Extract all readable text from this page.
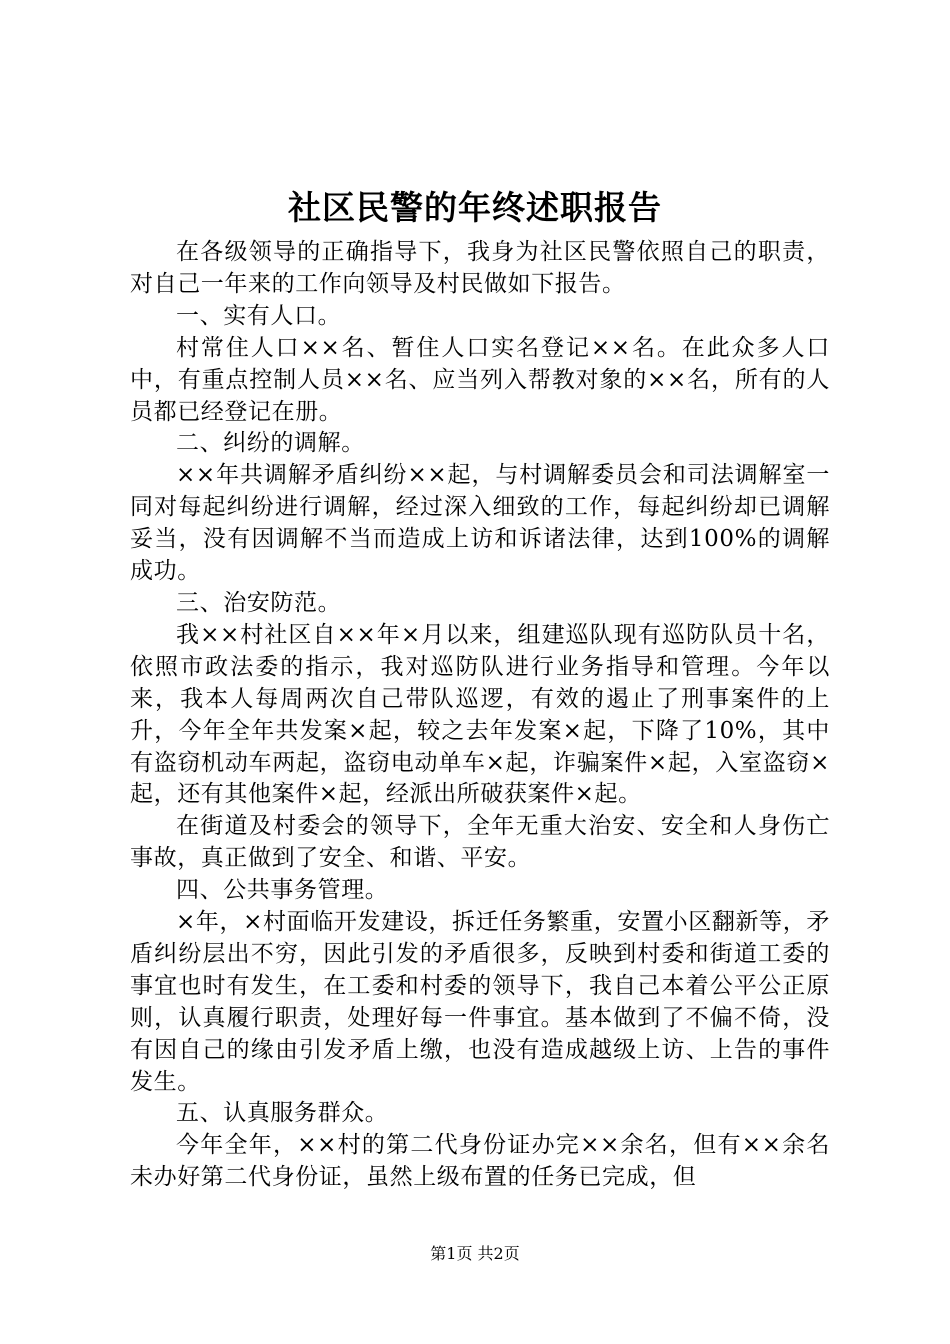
社区民警的年终述职报告

在各级领导的正确指导下，我身为社区民警依照自己的职责，对自己一年来的工作向领导及村民做如下报告。

一、实有人口。

村常住人口××名、暂住人口实名登记××名。在此众多人口中，有重点控制人员××名、应当列入帮教对象的××名，所有的人员都已经登记在册。

二、纠纷的调解。

××年共调解矛盾纠纷××起，与村调解委员会和司法调解室一同对每起纠纷进行调解，经过深入细致的工作，每起纠纷却已调解妥当，没有因调解不当而造成上访和诉诸法律，达到100%的调解成功。

三、治安防范。

我××村社区自××年×月以来，组建巡队现有巡防队员十名，依照市政法委的指示，我对巡防队进行业务指导和管理。今年以来，我本人每周两次自己带队巡逻，有效的遏止了刑事案件的上升，今年全年共发案×起，较之去年发案×起，下降了10%，其中有盗窃机动车两起，盗窃电动单车×起，诈骗案件×起，入室盗窃×起，还有其他案件×起，经派出所破获案件×起。

在街道及村委会的领导下，全年无重大治安、安全和人身伤亡事故，真正做到了安全、和谐、平安。

四、公共事务管理。

×年，×村面临开发建设，拆迁任务繁重，安置小区翻新等，矛盾纠纷层出不穷，因此引发的矛盾很多，反映到村委和街道工委的事宜也时有发生，在工委和村委的领导下，我自己本着公平公正原则，认真履行职责，处理好每一件事宜。基本做到了不偏不倚，没有因自己的缘由引发矛盾上缴，也没有造成越级上访、上告的事件发生。

五、认真服务群众。

今年全年，××村的第二代身份证办完××余名，但有××余名未办好第二代身份证，虽然上级布置的任务已完成，但

第1页 共2页
